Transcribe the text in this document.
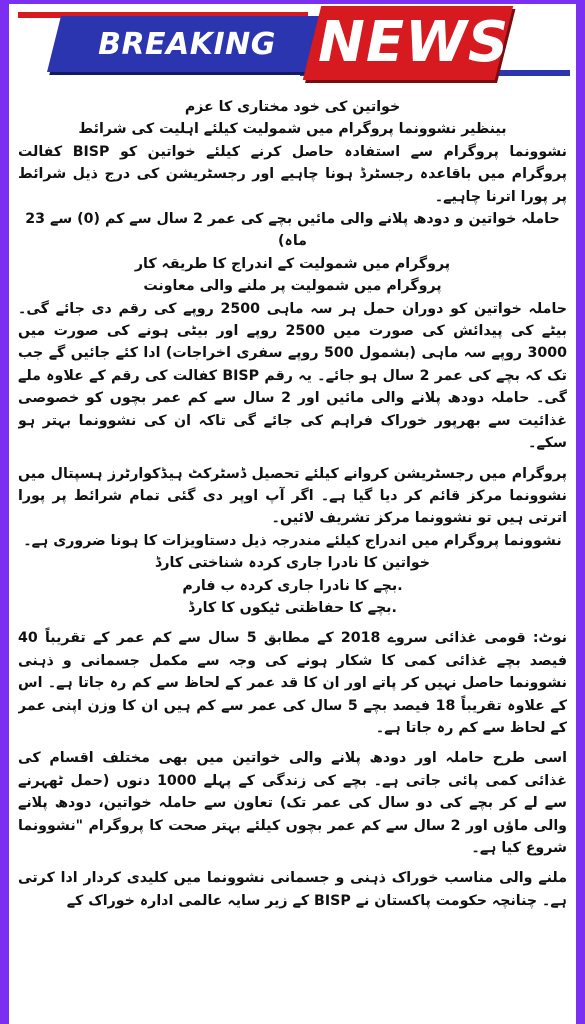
BREAKING NEWS

خواتین کی خود مختاری کا عزم

بینظیر نشوونما پروگرام میں شمولیت کیلئے اہلیت کی شرائط

نشوونما پروگرام سے استفادہ حاصل کرنے کیلئے خواتین کو BISP کفالت پروگرام میں باقاعدہ رجسٹرڈ ہونا چاہیے اور رجسٹریشن کی درج ذیل شرائط پر پورا اترنا چاہیے۔

حاملہ خواتین و دودھ پلانے والی مائیں بچے کی عمر 2 سال سے کم (0) سے 23 ماہ)

پروگرام میں شمولیت کے اندراج کا طریقہ کار

پروگرام میں شمولیت پر ملنے والی معاونت

حاملہ خواتین کو دوران حمل ہر سہ ماہی 2500 روپے کی رقم دی جائے گی۔ بیٹے کی پیدائش کی صورت میں 2500 روپے اور بیٹی ہونے کی صورت میں 3000 روپے سہ ماہی (بشمول 500 روپے سفری اخراجات) ادا کئے جائیں گے جب تک کہ بچے کی عمر 2 سال ہو جائے۔ یہ رقم BISP کفالت کی رقم کے علاوہ ملے گی۔ حاملہ دودھ پلانے والی مائیں اور 2 سال سے کم عمر بچوں کو خصوصی غذائیت سے بھرپور خوراک فراہم کی جائے گی تاکہ ان کی نشوونما بہتر ہو سکے۔

پروگرام میں رجسٹریشن کروانے کیلئے تحصیل ڈسٹرکٹ ہیڈکوارٹرز ہسپتال میں نشوونما مرکز قائم کر دیا گیا ہے۔ اگر آپ اوپر دی گئی تمام شرائط پر پورا اترتی ہیں تو نشوونما مرکز تشریف لائیں۔

نشوونما پروگرام میں اندراج کیلئے مندرجہ ذیل دستاویزات کا ہونا ضروری ہے۔

خواتین کا نادرا جاری کردہ شناختی کارڈ

.بچے کا نادرا جاری کردہ ب فارم

.بچے کا حفاظتی ٹیکوں کا کارڈ

نوٹ: قومی غذائی سروے 2018 کے مطابق 5 سال سے کم عمر کے تقریباً 40 فیصد بچے غذائی کمی کا شکار ہونے کی وجہ سے مکمل جسمانی و ذہنی نشوونما حاصل نہیں کر پاتے اور ان کا قد عمر کے لحاظ سے کم رہ جاتا ہے۔ اس کے علاوہ تقریباً 18 فیصد بچے 5 سال کی عمر سے کم ہیں ان کا وزن اپنی عمر کے لحاظ سے کم رہ جاتا ہے۔

اسی طرح حاملہ اور دودھ پلانے والی خواتین میں بھی مختلف اقسام کی غذائی کمی پائی جاتی ہے۔ بچے کی زندگی کے پہلے 1000 دنوں (حمل ٹھہرنے سے لے کر بچے کی دو سال کی عمر تک) تعاون سے حاملہ خواتین، دودھ پلانے والی ماؤں اور 2 سال سے کم عمر بچوں کیلئے بہتر صحت کا پروگرام "نشوونما شروع کیا ہے۔

ملنے والی مناسب خوراک ذہنی و جسمانی نشوونما میں کلیدی کردار ادا کرتی ہے۔ چنانچہ حکومت پاکستان نے BISP کے زیر سایہ عالمی ادارہ خوراک کے
